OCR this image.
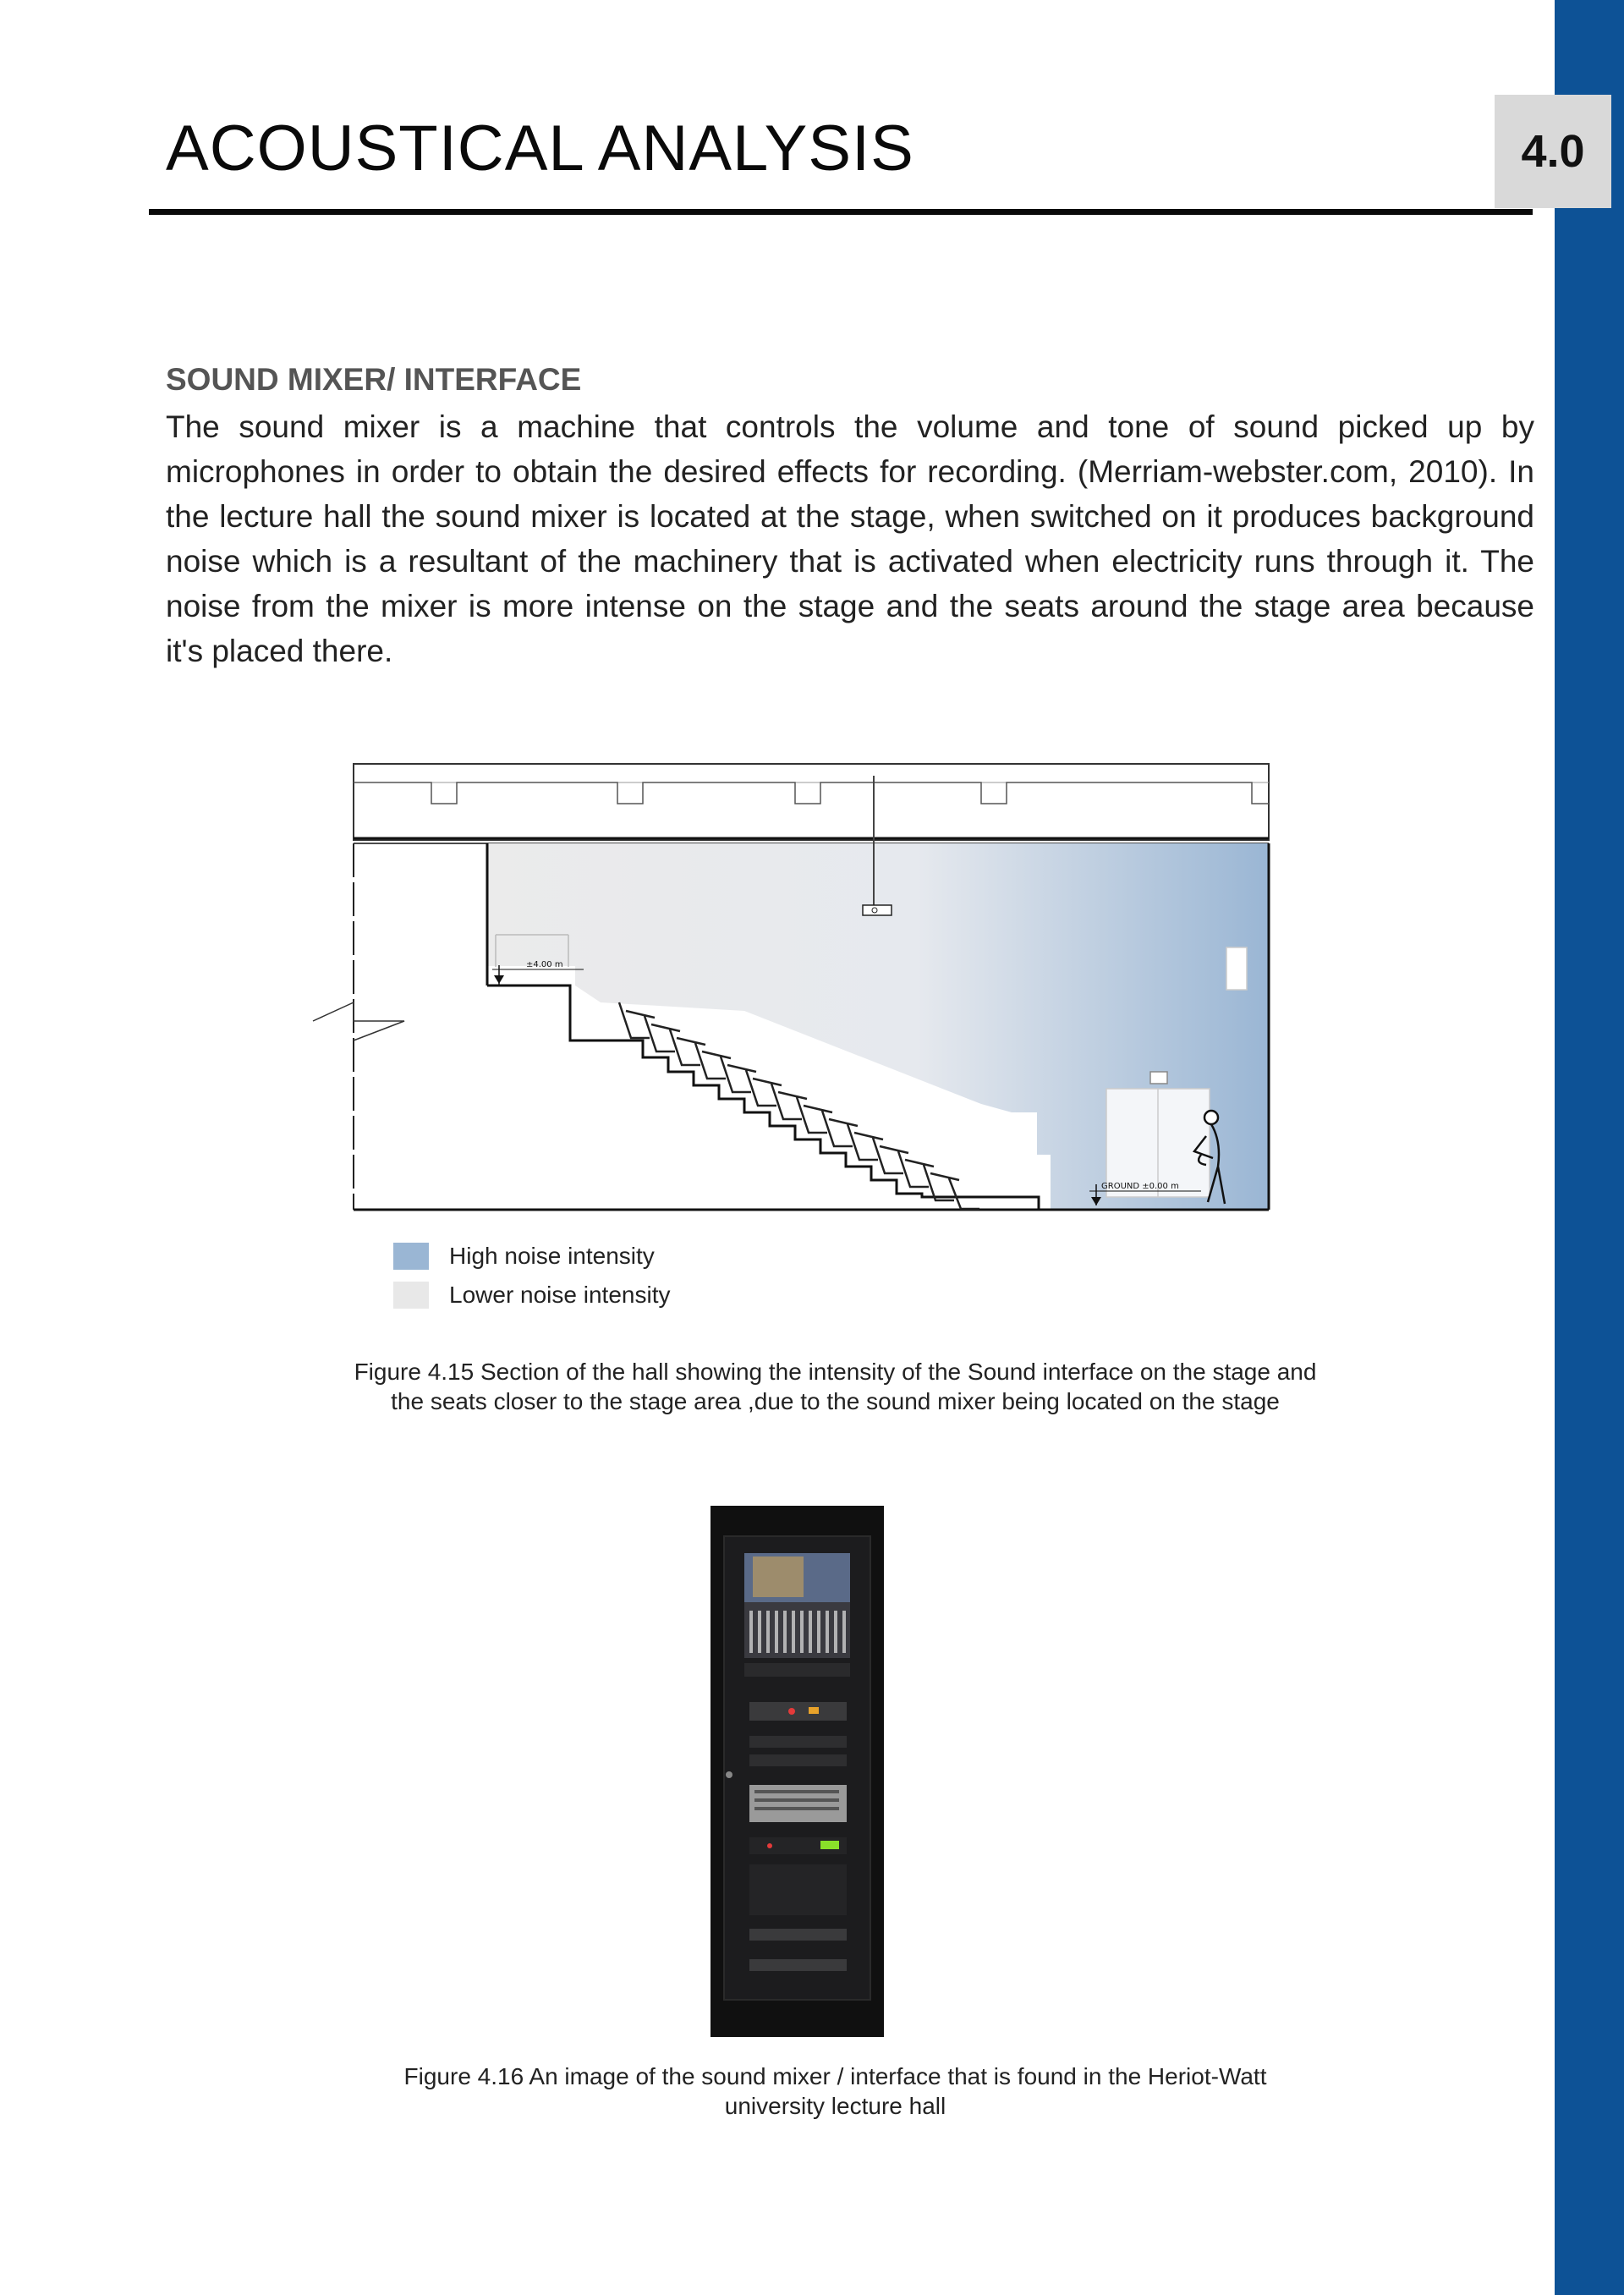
4.0
ACOUSTICAL ANALYSIS
SOUND MIXER/ INTERFACE

The sound mixer is a machine that controls the volume and tone of sound picked up by microphones in order to obtain the desired effects for recording. (Merriam-webster.com, 2010). In the lecture hall the sound mixer is located at the stage, when switched on it produces background noise which is a resultant of the machinery that is activated when electricity runs through it. The noise from the mixer is more intense on the stage and the seats around the stage area because it's placed there.

±4.00 m
GROUND ±0.00 m
High noise intensity
Lower noise intensity

Figure 4.15 Section of the hall showing the intensity of the Sound interface on the stage and
the seats closer to the stage area ,due to the sound mixer being located on the stage

Figure 4.16 An image of the sound mixer / interface that is found in the Heriot-Watt
university lecture hall
